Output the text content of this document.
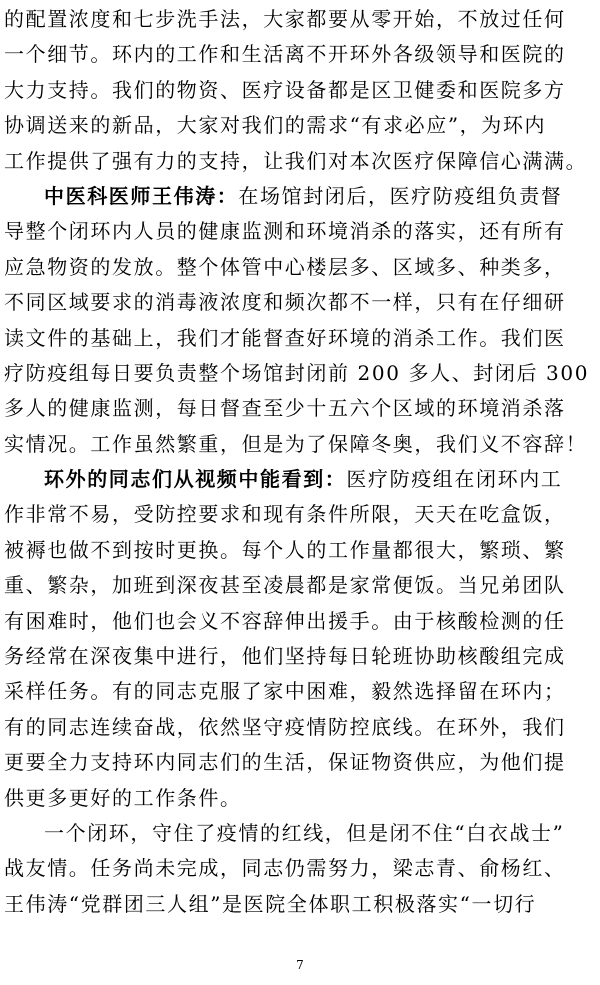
的配置浓度和七步洗手法，大家都要从零开始，不放过任何
一个细节。环内的工作和生活离不开环外各级领导和医院的
大力支持。我们的物资、医疗设备都是区卫健委和医院多方
协调送来的新品，大家对我们的需求“有求必应”，为环内
工作提供了强有力的支持，让我们对本次医疗保障信心满满。
中医科医师王伟涛：在场馆封闭后，医疗防疫组负责督
导整个闭环内人员的健康监测和环境消杀的落实，还有所有
应急物资的发放。整个体管中心楼层多、区域多、种类多，
不同区域要求的消毒液浓度和频次都不一样，只有在仔细研
读文件的基础上，我们才能督查好环境的消杀工作。我们医
疗防疫组每日要负责整个场馆封闭前 200 多人、封闭后 300
多人的健康监测，每日督查至少十五六个区域的环境消杀落
实情况。工作虽然繁重，但是为了保障冬奥，我们义不容辞！
环外的同志们从视频中能看到：医疗防疫组在闭环内工
作非常不易，受防控要求和现有条件所限，天天在吃盒饭，
被褥也做不到按时更换。每个人的工作量都很大，繁琐、繁
重、繁杂，加班到深夜甚至凌晨都是家常便饭。当兄弟团队
有困难时，他们也会义不容辞伸出援手。由于核酸检测的任
务经常在深夜集中进行，他们坚持每日轮班协助核酸组完成
采样任务。有的同志克服了家中困难，毅然选择留在环内；
有的同志连续奋战，依然坚守疫情防控底线。在环外，我们
更要全力支持环内同志们的生活，保证物资供应，为他们提
供更多更好的工作条件。
一个闭环，守住了疫情的红线，但是闭不住“白衣战士”
战友情。任务尚未完成，同志仍需努力，梁志青、俞杨红、
王伟涛“党群团三人组”是医院全体职工积极落实“一切行
7
